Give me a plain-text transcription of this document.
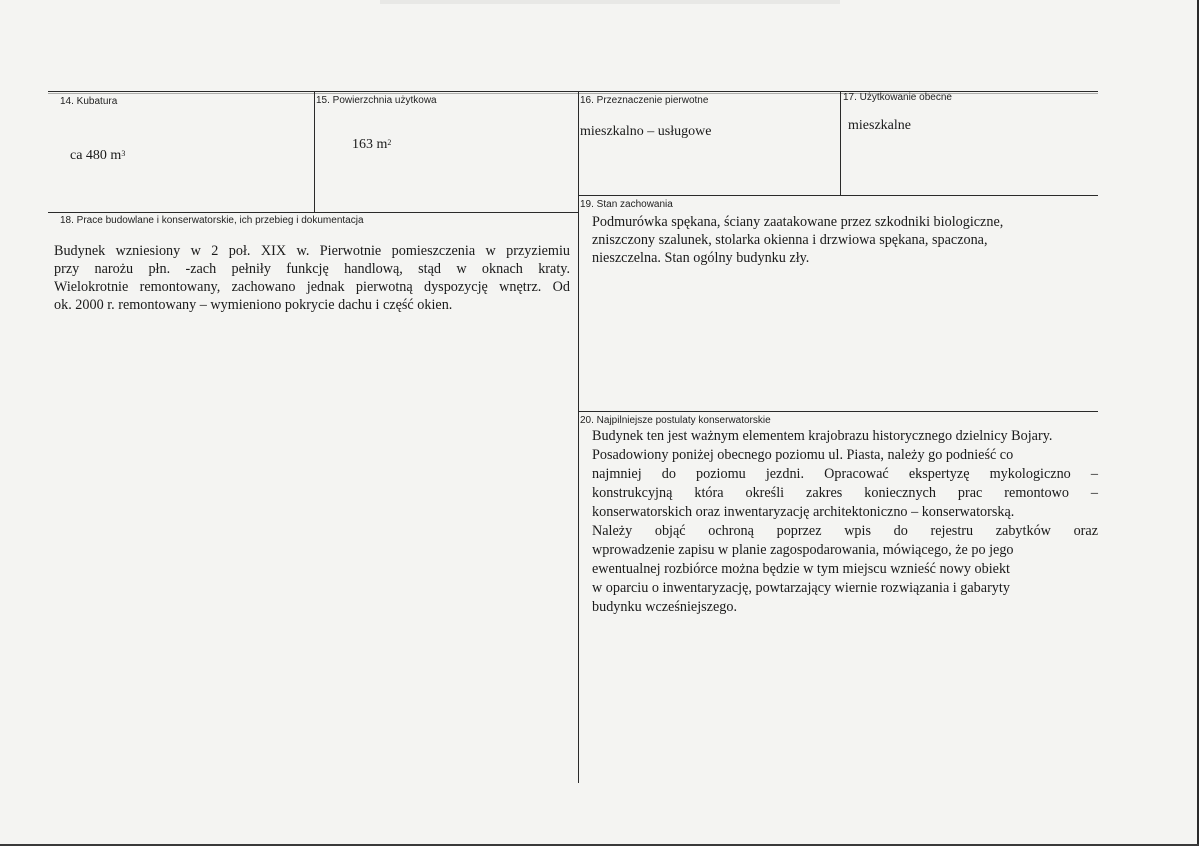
14. Kubatura
ca 480 $m^3$
15. Powierzchnia użytkowa
163 $m^2$
16. Przeznaczenie pierwotne
mieszkalno – usługowe
17. Użytkowanie obecne
mieszkalne
18. Prace budowlane i konserwatorskie, ich przebieg i dokumentacja
Budynek wzniesiony w 2 poł. XIX w. Pierwotnie pomieszczenia w przyziemiu
przy narożu płn. -zach pełniły funkcję handlową, stąd w oknach kraty.
Wielokrotnie remontowany, zachowano jednak pierwotną dyspozycję wnętrz. Od
ok. 2000 r. remontowany – wymieniono pokrycie dachu i część okien.
19. Stan zachowania
Podmurówka spękana, ściany zaatakowane przez szkodniki biologiczne,
zniszczony szalunek, stolarka okienna i drzwiowa spękana, spaczona,
nieszczelna. Stan ogólny budynku zły.
20. Najpilniejsze postulaty konserwatorskie
Budynek ten jest ważnym elementem krajobrazu historycznego dzielnicy Bojary.
Posadowiony poniżej obecnego poziomu ul. Piasta, należy go podnieść co
najmniej do poziomu jezdni. Opracować ekspertyzę mykologiczno –
konstrukcyjną która określi zakres koniecznych prac remontowo –
konserwatorskich oraz inwentaryzację architektoniczno – konserwatorską.
Należy objąć ochroną poprzez wpis do rejestru zabytków oraz
wprowadzenie zapisu w planie zagospodarowania, mówiącego, że po jego
ewentualnej rozbiórce można będzie w tym miejscu wznieść nowy obiekt
w oparciu o inwentaryzację, powtarzający wiernie rozwiązania i gabaryty
budynku wcześniejszego.
